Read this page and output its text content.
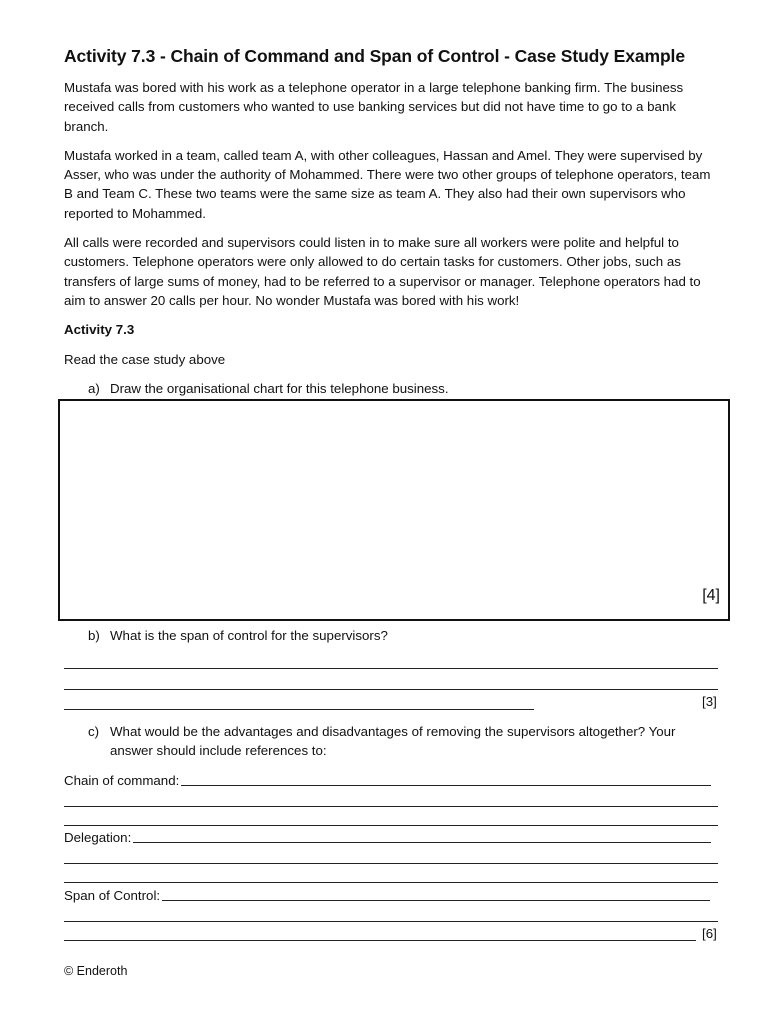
Activity 7.3 - Chain of Command and Span of Control - Case Study Example

Mustafa was bored with his work as a telephone operator in a large telephone banking firm. The business received calls from customers who wanted to use banking services but did not have time to go to a bank branch.

Mustafa worked in a team, called team A, with other colleagues, Hassan and Amel. They were supervised by Asser, who was under the authority of Mohammed. There were two other groups of telephone operators, team B and Team C. These two teams were the same size as team A. They also had their own supervisors who reported to Mohammed.

All calls were recorded and supervisors could listen in to make sure all workers were polite and helpful to customers. Telephone operators were only allowed to do certain tasks for customers. Other jobs, such as transfers of large sums of money, had to be referred to a supervisor or manager. Telephone operators had to aim to answer 20 calls per hour. No wonder Mustafa was bored with his work!

Activity 7.3

Read the case study above

a) Draw the organisational chart for this telephone business.
[4]
b) What is the span of control for the supervisors?
[3]
c) What would be the advantages and disadvantages of removing the supervisors altogether? Your answer should include references to:
Chain of command:
Delegation:
Span of Control:
[6]
© Enderoth
